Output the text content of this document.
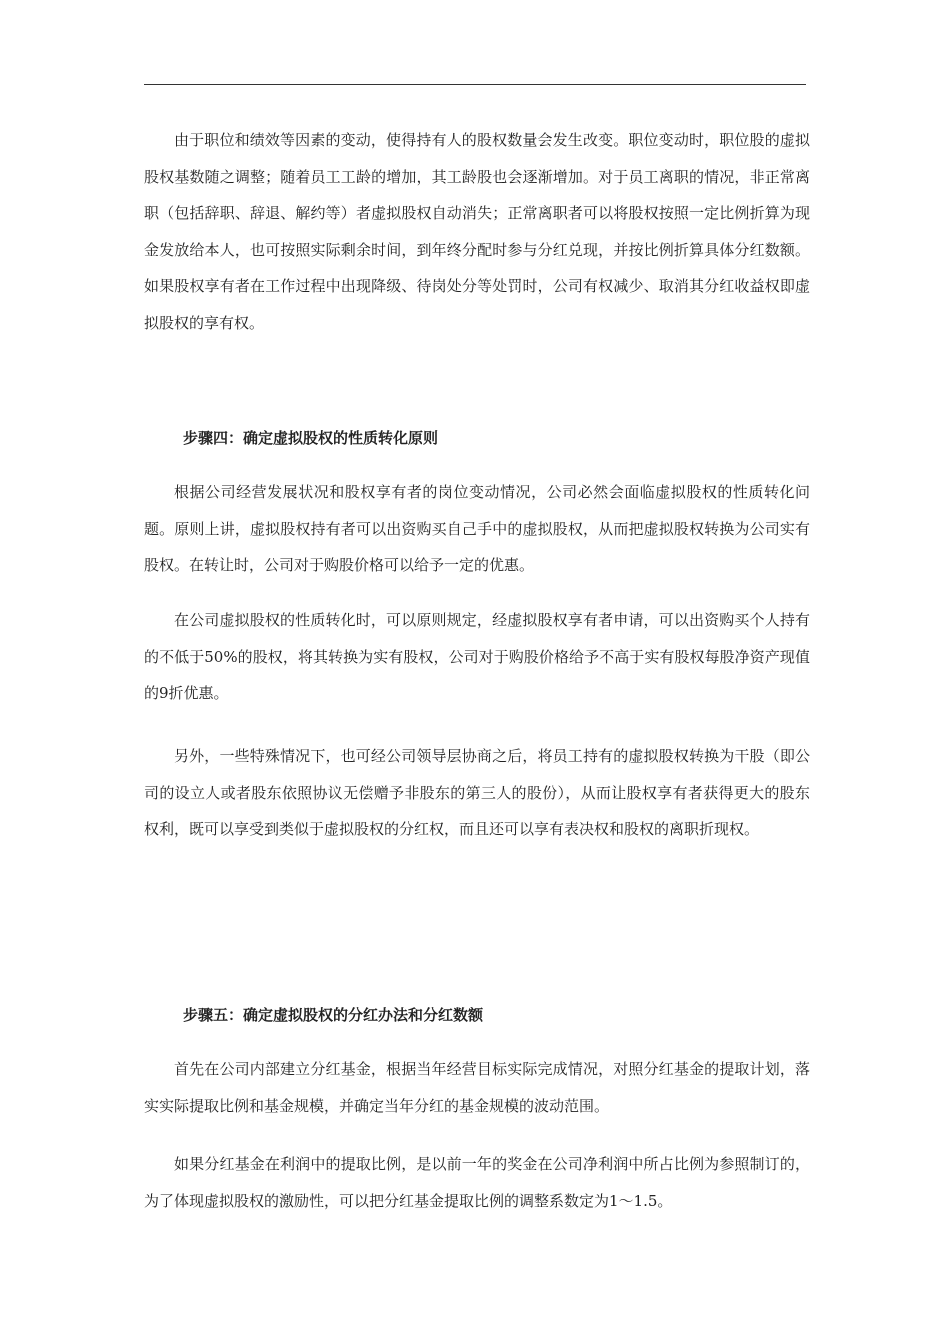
由于职位和绩效等因素的变动，使得持有人的股权数量会发生改变。职位变动时，职位股的虚拟股权基数随之调整；随着员工工龄的增加，其工龄股也会逐渐增加。对于员工离职的情况，非正常离职（包括辞职、辞退、解约等）者虚拟股权自动消失；正常离职者可以将股权按照一定比例折算为现金发放给本人，也可按照实际剩余时间，到年终分配时参与分红兑现，并按比例折算具体分红数额。如果股权享有者在工作过程中出现降级、待岗处分等处罚时，公司有权减少、取消其分红收益权即虚拟股权的享有权。

步骤四：确定虚拟股权的性质转化原则

根据公司经营发展状况和股权享有者的岗位变动情况，公司必然会面临虚拟股权的性质转化问题。原则上讲，虚拟股权持有者可以出资购买自己手中的虚拟股权，从而把虚拟股权转换为公司实有股权。在转让时，公司对于购股价格可以给予一定的优惠。

在公司虚拟股权的性质转化时，可以原则规定，经虚拟股权享有者申请，可以出资购买个人持有的不低于50%的股权，将其转换为实有股权，公司对于购股价格给予不高于实有股权每股净资产现值的9折优惠。

另外，一些特殊情况下，也可经公司领导层协商之后，将员工持有的虚拟股权转换为干股（即公司的设立人或者股东依照协议无偿赠予非股东的第三人的股份），从而让股权享有者获得更大的股东权利，既可以享受到类似于虚拟股权的分红权，而且还可以享有表决权和股权的离职折现权。

步骤五：确定虚拟股权的分红办法和分红数额

首先在公司内部建立分红基金，根据当年经营目标实际完成情况，对照分红基金的提取计划，落实实际提取比例和基金规模，并确定当年分红的基金规模的波动范围。

如果分红基金在利润中的提取比例，是以前一年的奖金在公司净利润中所占比例为参照制订的，为了体现虚拟股权的激励性，可以把分红基金提取比例的调整系数定为1～1.5。
